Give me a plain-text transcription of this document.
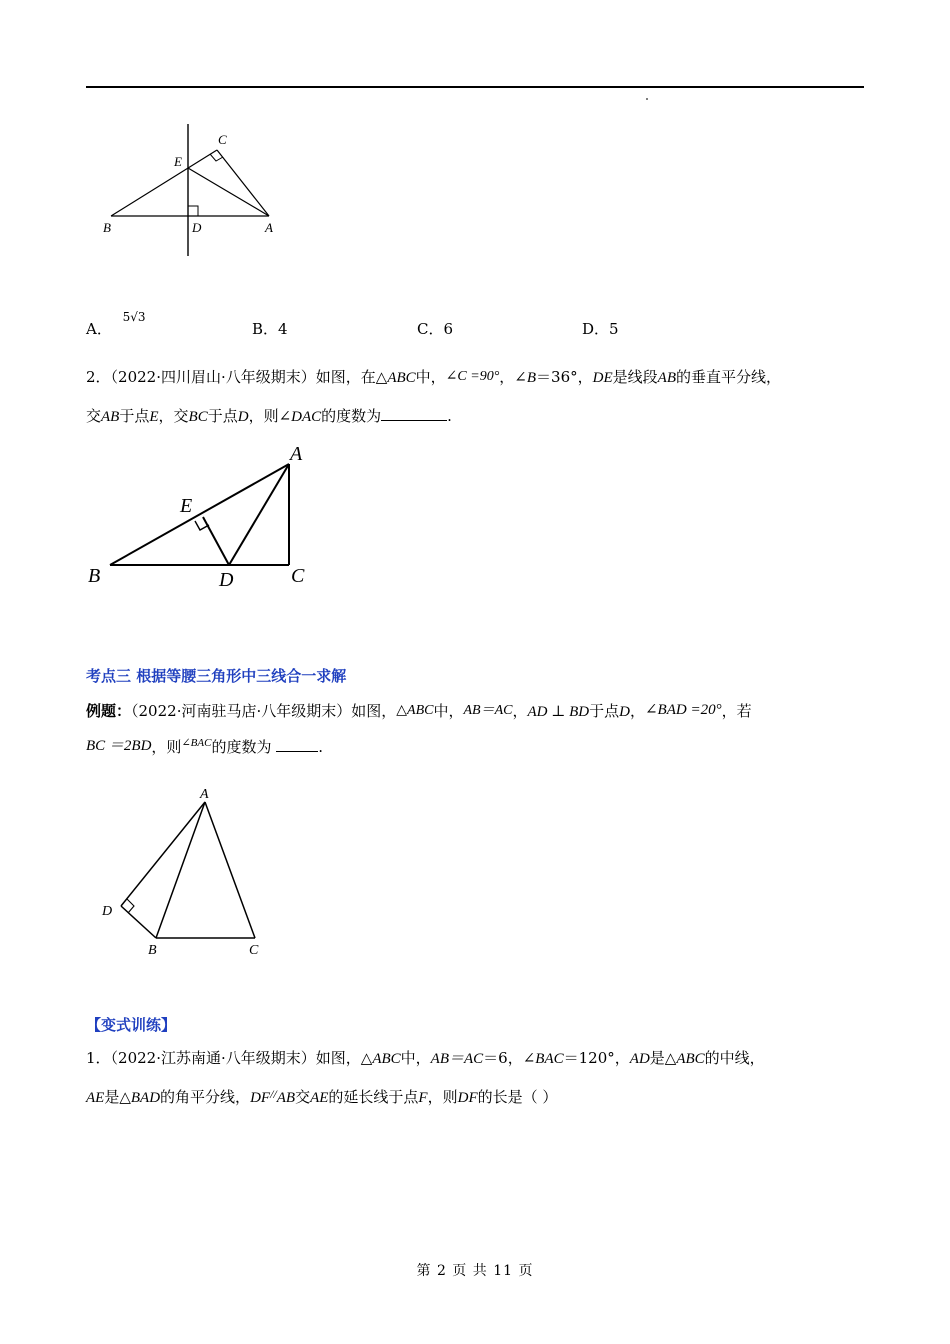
E
C
B	D	A
A． $^{5√3}$
B．4	C．6	D．5
2．（2022·四川眉山·八年级期末）如图，在△ABC中，∠C =90°，∠B＝36°，DE是线段AB的垂直平分线，
交AB于点E，交BC于点D，则∠DAC的度数为	.
A
E
B	D	C
考点三 根据等腰三角形中三线合一求解
例题：（2022·河南驻马店·八年级期末）如图，△ABC中，AB＝AC，AD ⊥ BD于点D，∠BAD =20°，若
BC ＝2BD，则$^{\angle BAC}$的度数为	.
A
D
B	C
【变式训练】
1．（2022·江苏南通·八年级期末）如图，△ABC中，AB＝AC＝6，∠BAC＝120°，AD是△ABC的中线，
AE是△BAD的角平分线，DF//AB交AE的延长线于点F，则DF的长是（ ）
第 2 页 共 11 页
